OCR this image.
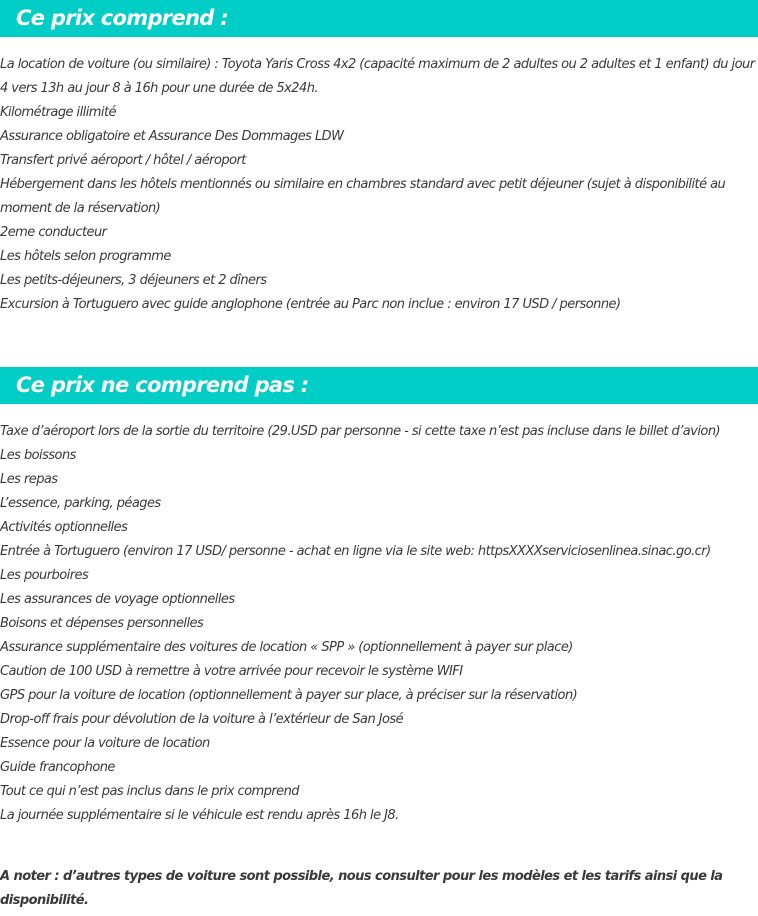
Ce prix comprend :
La location de voiture (ou similaire) : Toyota Yaris Cross 4x2 (capacité maximum de 2 adultes ou 2 adultes et 1 enfant) du jour 4 vers 13h au jour 8 à 16h pour une durée de 5x24h.
Kilométrage illimité
Assurance obligatoire et Assurance Des Dommages LDW
Transfert privé aéroport / hôtel / aéroport
Hébergement dans les hôtels mentionnés ou similaire en chambres standard avec petit déjeuner (sujet à disponibilité au moment de la réservation)
2eme conducteur
Les hôtels selon programme
Les petits-déjeuners, 3 déjeuners et 2 dîners
Excursion à Tortuguero avec guide anglophone (entrée au Parc non inclue : environ 17 USD / personne)
Ce prix ne comprend pas :
Taxe d’aéroport lors de la sortie du territoire (29.USD par personne - si cette taxe n’est pas incluse dans le billet d’avion)
Les boissons
Les repas
L’essence, parking, péages
Activités optionnelles
Entrée à Tortuguero (environ 17 USD/ personne - achat en ligne via le site web: httpsXXXXserviciosenlinea.sinac.go.cr)
Les pourboires
Les assurances de voyage optionnelles
Boisons et dépenses personnelles
Assurance supplémentaire des voitures de location « SPP » (optionnellement à payer sur place)
Caution de 100 USD à remettre à votre arrivée pour recevoir le système WIFI
GPS pour la voiture de location (optionnellement à payer sur place, à préciser sur la réservation)
Drop-off frais pour dévolution de la voiture à l’extérieur de San José
Essence pour la voiture de location
Guide francophone
Tout ce qui n’est pas inclus dans le prix comprend
La journée supplémentaire si le véhicule est rendu après 16h le J8.

A noter : d’autres types de voiture sont possible, nous consulter pour les modèles et les tarifs ainsi que la disponibilité.
